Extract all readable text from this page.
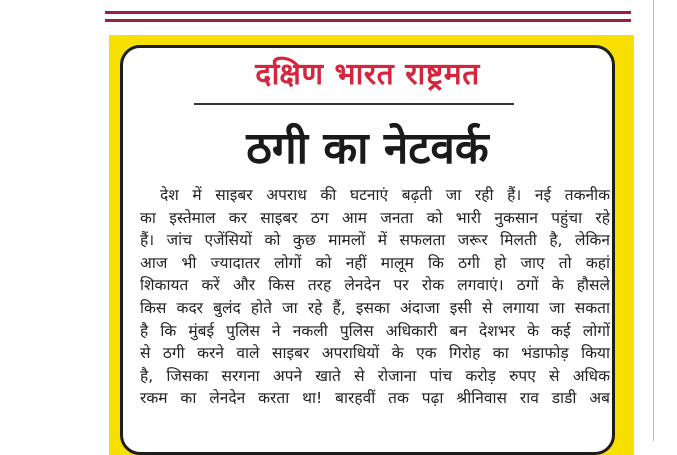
दक्षिण भारत राष्ट्रमत
ठगी का नेटवर्क
देश में साइबर अपराध की घटनाएं बढ़ती जा रही हैं। नई तकनीक
का इस्तेमाल कर साइबर ठग आम जनता को भारी नुकसान पहुंचा रहे
हैं। जांच एजेंसियों को कुछ मामलों में सफलता जरूर मिलती है, लेकिन
आज भी ज्यादातर लोगों को नहीं मालूम कि ठगी हो जाए तो कहां
शिकायत करें और किस तरह लेनदेन पर रोक लगवाएं। ठगों के हौसले
किस कदर बुलंद होते जा रहे हैं, इसका अंदाजा इसी से लगाया जा सकता
है कि मुंबई पुलिस ने नकली पुलिस अधिकारी बन देशभर के कई लोगों
से ठगी करने वाले साइबर अपराधियों के एक गिरोह का भंडाफोड़ किया
है, जिसका सरगना अपने खाते से रोजाना पांच करोड़ रुपए से अधिक
रकम का लेनदेन करता था! बारहवीं तक पढ़ा श्रीनिवास राव डाडी अब
